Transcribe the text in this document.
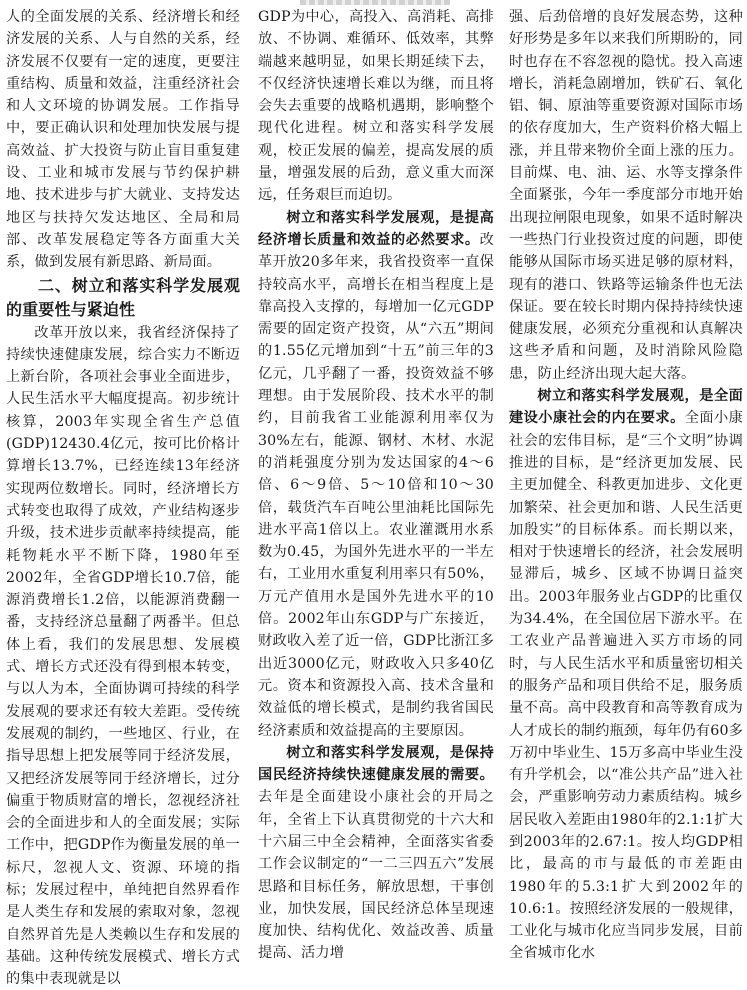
人的全面发展的关系、经济增长和经济发展的关系、人与自然的关系，经济发展不仅要有一定的速度，更要注重结构、质量和效益，注重经济社会和人文环境的协调发展。工作指导中，要正确认识和处理加快发展与提高效益、扩大投资与防止盲目重复建设、工业和城市发展与节约保护耕地、技术进步与扩大就业、支持发达地区与扶持欠发达地区、全局和局部、改革发展稳定等各方面重大关系，做到发展有新思路、新局面。

二、树立和落实科学发展观的重要性与紧迫性

改革开放以来，我省经济保持了持续快速健康发展，综合实力不断迈上新台阶，各项社会事业全面进步，人民生活水平大幅度提高。初步统计核算，2003年实现全省生产总值(GDP)12430.4亿元，按可比价格计算增长13.7%，已经连续13年经济实现两位数增长。同时，经济增长方式转变也取得了成效，产业结构逐步升级，技术进步贡献率持续提高，能耗物耗水平不断下降，1980年至2002年，全省GDP增长10.7倍，能源消费增长1.2倍，以能源消费翻一番，支持经济总量翻了两番半。但总体上看，我们的发展思想、发展模式、增长方式还没有得到根本转变，与以人为本，全面协调可持续的科学发展观的要求还有较大差距。受传统发展观的制约，一些地区、行业，在指导思想上把发展等同于经济发展，又把经济发展等同于经济增长，过分偏重于物质财富的增长，忽视经济社会的全面进步和人的全面发展；实际工作中，把GDP作为衡量发展的单一标尺，忽视人文、资源、环境的指标；发展过程中，单纯把自然界看作是人类生存和发展的索取对象，忽视自然界首先是人类赖以生存和发展的基础。这种传统发展模式、增长方式的集中表现就是以

GDP为中心，高投入、高消耗、高排放、不协调、难循环、低效率，其弊端越来越明显，如果长期延续下去，不仅经济快速增长难以为继，而且将会失去重要的战略机遇期，影响整个现代化进程。树立和落实科学发展观，校正发展的偏差，提高发展的质量，增强发展的后劲，意义重大而深远，任务艰巨而迫切。

树立和落实科学发展观，是提高经济增长质量和效益的必然要求。改革开放20多年来，我省投资率一直保持较高水平，高增长在相当程度上是靠高投入支撑的，每增加一亿元GDP需要的固定资产投资，从“六五”期间的1.55亿元增加到“十五”前三年的3亿元，几乎翻了一番，投资效益不够理想。由于发展阶段、技术水平的制约，目前我省工业能源利用率仅为30%左右，能源、钢材、木材、水泥的消耗强度分别为发达国家的4～6倍、6～9倍、5～10倍和10～30倍，载货汽车百吨公里油耗比国际先进水平高1倍以上。农业灌溉用水系数为0.45，为国外先进水平的一半左右，工业用水重复利用率只有50%，万元产值用水是国外先进水平的10倍。2002年山东GDP与广东接近，财政收入差了近一倍，GDP比浙江多出近3000亿元，财政收入只多40亿元。资本和资源投入高、技术含量和效益低的增长模式，是制约我省国民经济素质和效益提高的主要原因。

树立和落实科学发展观，是保持国民经济持续快速健康发展的需要。去年是全面建设小康社会的开局之年，全省上下认真贯彻党的十六大和十六届三中全会精神，全面落实省委工作会议制定的“一二三四五六”发展思路和目标任务，解放思想，干事创业，加快发展，国民经济总体呈现速度加快、结构优化、效益改善、质量提高、活力增

强、后劲倍增的良好发展态势，这种好形势是多年以来我们所期盼的，同时也存在不容忽视的隐忧。投入高速增长，消耗急剧增加，铁矿石、氧化铝、铜、原油等重要资源对国际市场的依存度加大，生产资料价格大幅上涨，并且带来物价全面上涨的压力。目前煤、电、油、运、水等支撑条件全面紧张，今年一季度部分市地开始出现拉闸限电现象，如果不适时解决一些热门行业投资过度的问题，即使能够从国际市场买进足够的原材料，现有的港口、铁路等运输条件也无法保证。要在较长时期内保持持续快速健康发展，必须充分重视和认真解决这些矛盾和问题，及时消除风险隐患，防止经济出现大起大落。

树立和落实科学发展观，是全面建设小康社会的内在要求。全面小康社会的宏伟目标，是“三个文明”协调推进的目标，是“经济更加发展、民主更加健全、科教更加进步、文化更加繁荣、社会更加和谐、人民生活更加殷实”的目标体系。而长期以来，相对于快速增长的经济，社会发展明显滞后，城乡、区域不协调日益突出。2003年服务业占GDP的比重仅为34.4%，在全国位居下游水平。在工农业产品普遍进入买方市场的同时，与人民生活水平和质量密切相关的服务产品和项目供给不足，服务质量不高。高中段教育和高等教育成为人才成长的制约瓶颈，每年仍有60多万初中毕业生、15万多高中毕业生没有升学机会，以“准公共产品”进入社会，严重影响劳动力素质结构。城乡居民收入差距由1980年的2.1:1扩大到2003年的2.67:1。按人均GDP相比，最高的市与最低的市差距由1980年的5.3:1扩大到2002年的10.6:1。按照经济发展的一般规律，工业化与城市化应当同步发展，目前全省城市化水
